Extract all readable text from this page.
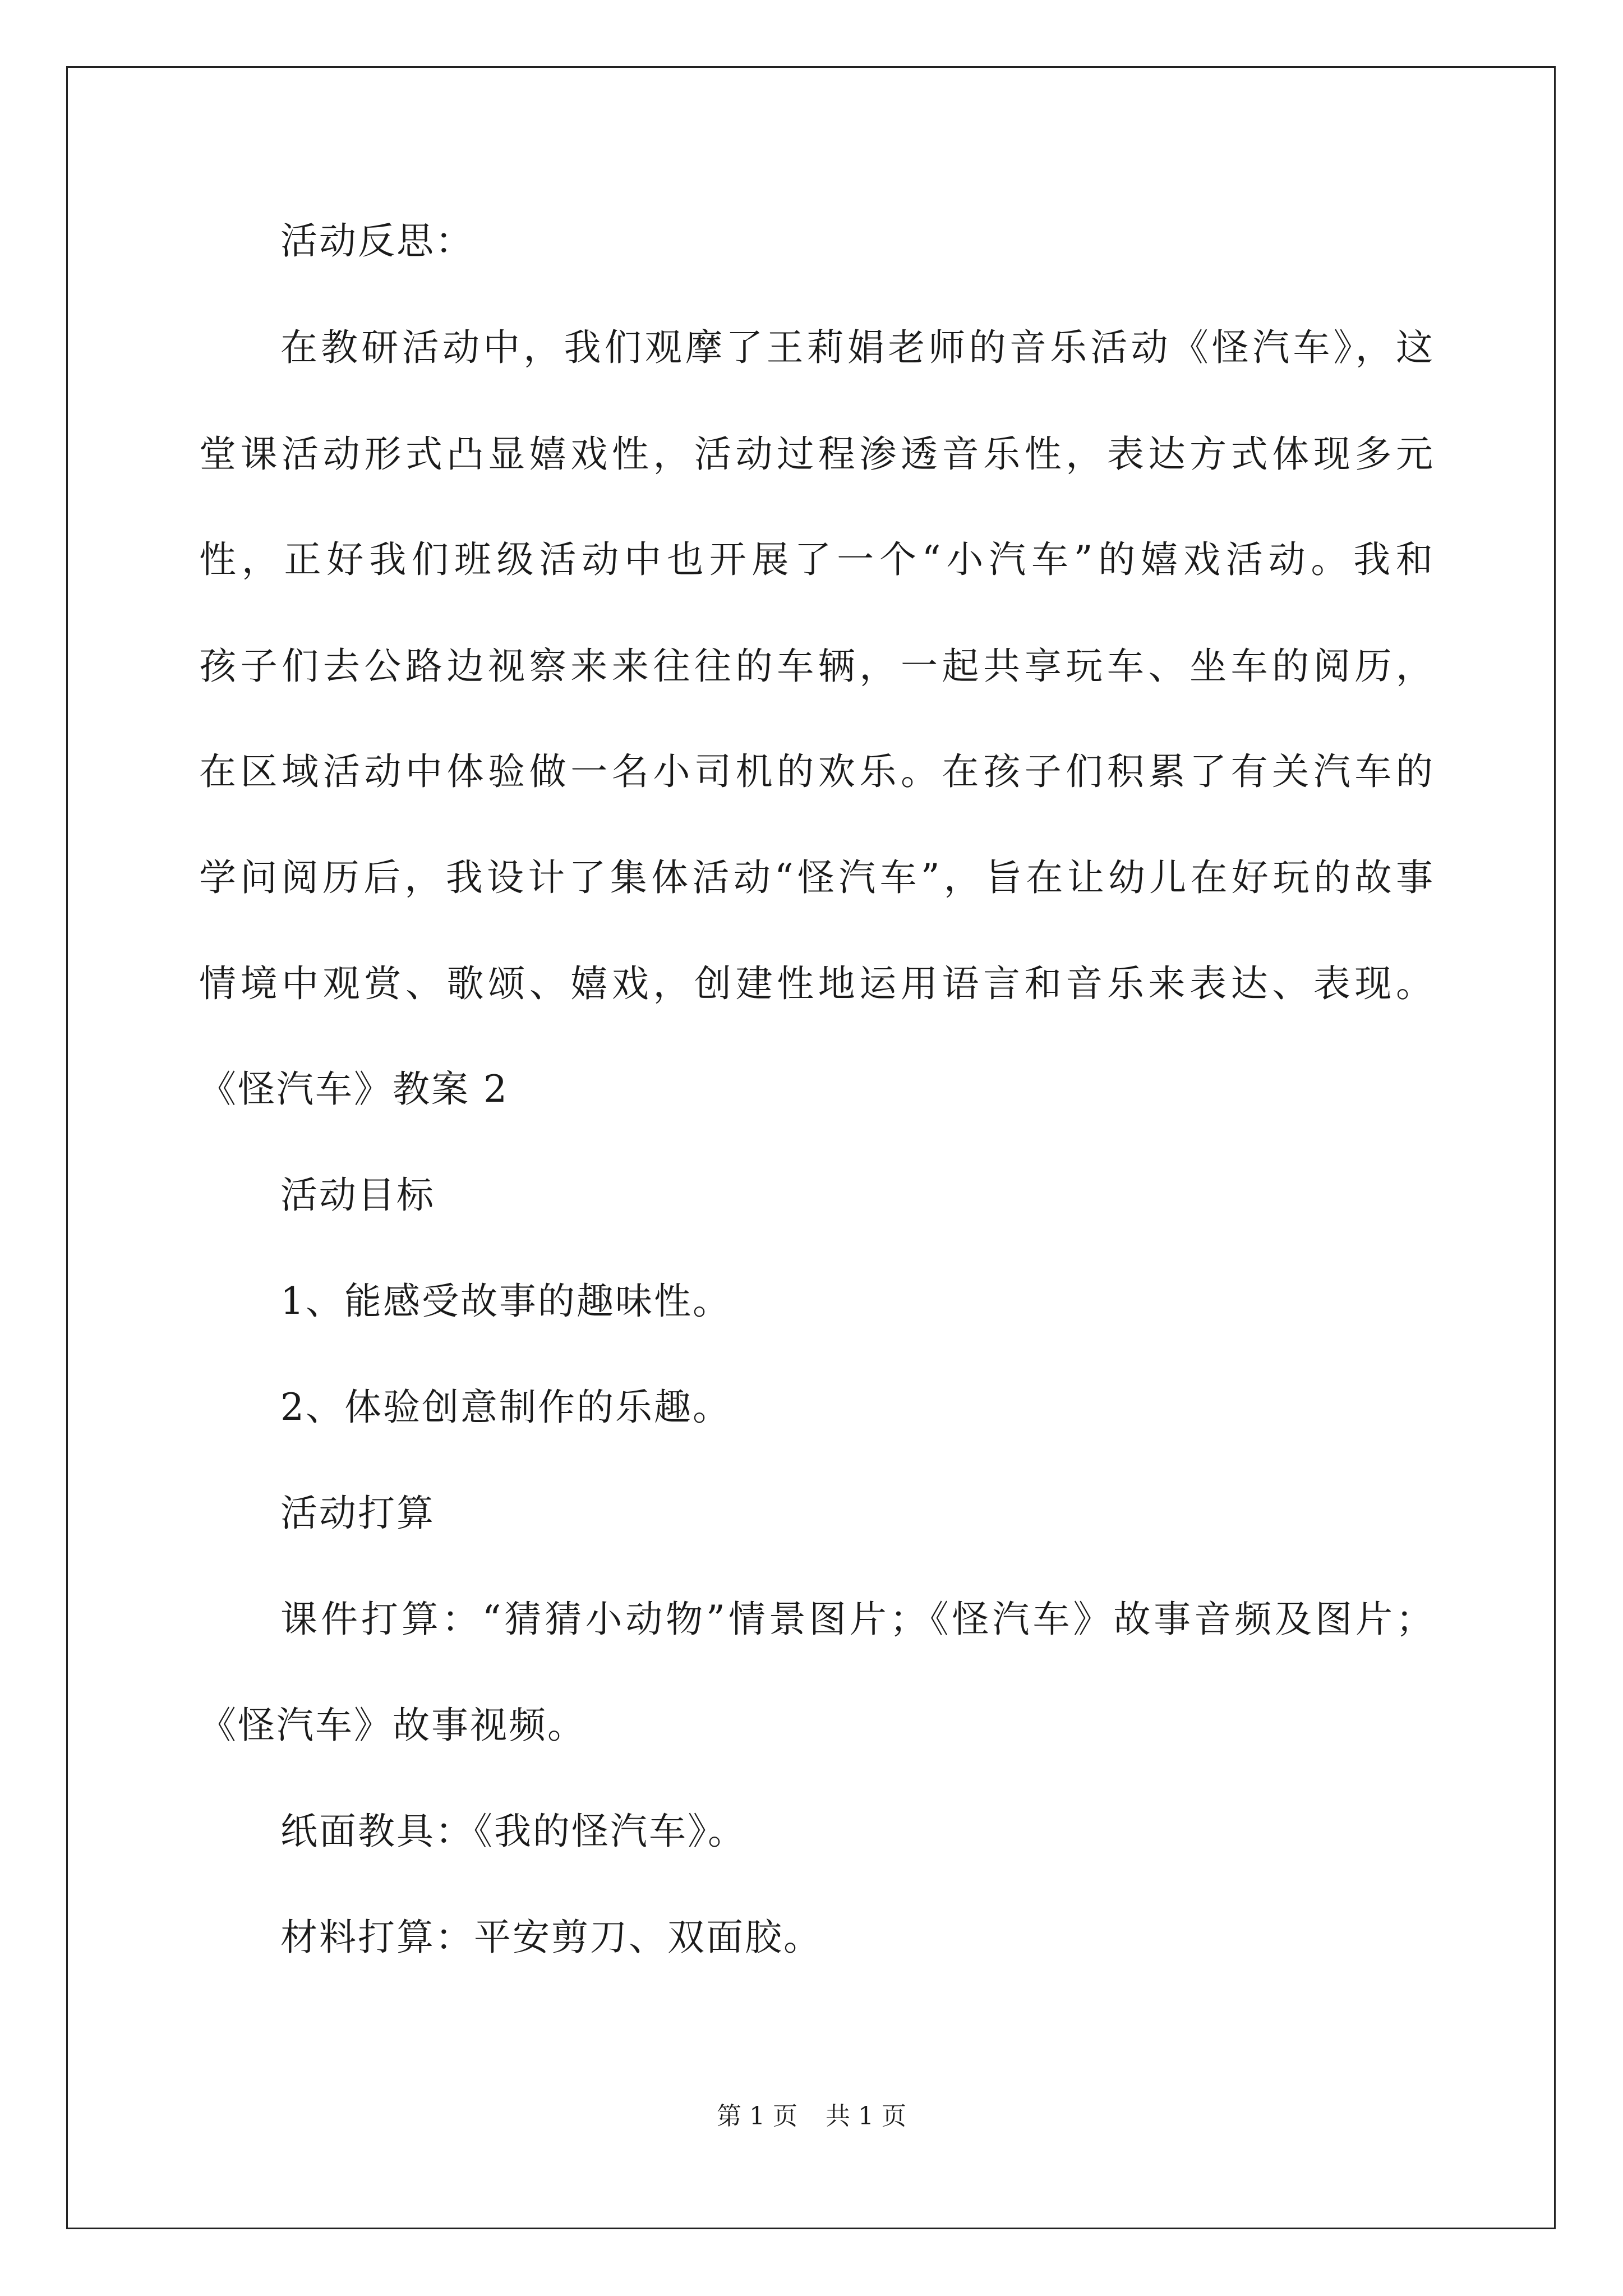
活动反思：
在教研活动中，我们观摩了王莉娟老师的音乐活动《怪汽车》，这
堂课活动形式凸显嬉戏性，活动过程渗透音乐性，表达方式体现多元
性，正好我们班级活动中也开展了一个“小汽车”的嬉戏活动。我和
孩子们去公路边视察来来往往的车辆，一起共享玩车、坐车的阅历，
在区域活动中体验做一名小司机的欢乐。在孩子们积累了有关汽车的
学问阅历后，我设计了集体活动“怪汽车”，旨在让幼儿在好玩的故事
情境中观赏、歌颂、嬉戏，创建性地运用语言和音乐来表达、表现。
《怪汽车》教案 2
活动目标
1、能感受故事的趣味性。
2、体验创意制作的乐趣。
活动打算
课件打算：“猜猜小动物”情景图片；《怪汽车》故事音频及图片；
《怪汽车》故事视频。
纸面教具：《我的怪汽车》。
材料打算：平安剪刀、双面胶。
第 1 页 共 1 页
